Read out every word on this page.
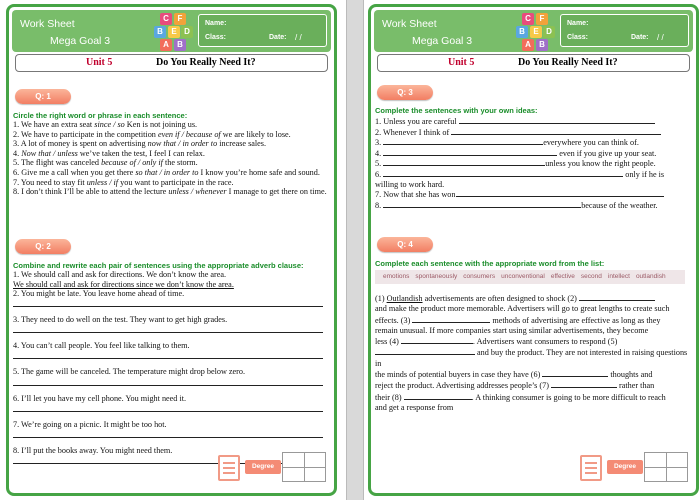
Work Sheet
Mega Goal 3
C	F
B	E D
A	B
Name:
Class:	Date: / /
Unit 5	Do You Really Need It?
Q: 1
Circle the right word or phrase in each sentence:
1. We have an extra seat since / so Ken is not joining us.
2. We have to participate in the competition even if / because of we are likely to lose.
3. A lot of money is spent on advertising now that / in order to increase sales.
4. Now that / unless we’ve taken the test, I feel I can relax.
5. The flight was canceled because of / only if the storm.
6. Give me a call when you get there so that / in order to I know you’re home safe and sound.
7. You need to stay fit unless / if you want to participate in the race.
8. I don’t think I’ll be able to attend the lecture unless / whenever I manage to get there on time.
Q: 2
Combine and rewrite each pair of sentences using the appropriate adverb clause:
1. We should call and ask for directions. We don’t know the area.
We should call and ask for directions since we don’t know the area.
2. You might be late. You leave home ahead of time.
3. They need to do well on the test. They want to get high grades.
4. You can’t call people. You feel like talking to them.
5. The game will be canceled. The temperature might drop below zero.
6. I’ll let you have my cell phone. You might need it.
7. We’re going on a picnic. It might be too hot.
8. I’ll put the books away. You might need them.
Degree
Work Sheet
Mega Goal 3
C	F
B	E D
A	B
Name:
Class:	Date: / /
Unit 5	Do You Really Need It?
Q: 3
Complete the sentences with your own ideas:
1. Unless you are careful
2. Whenever I think of
3.	everywhere you can think of.
4.	even if you give up your seat.
5.	unless you know the right people.
6.	only if he is
willing to work hard.
7. Now that she has won
8.	because of the weather.
Q: 4
Complete each sentence with the appropriate word from the list:
emotions spontaneously consumers unconventional effective second intellect outlandish
(1) Outlandish advertisements are often designed to shock (2)
and make the product more memorable. Advertisers will go to great lengths to create such
effects. (3)	methods of advertising are effective as long as they
remain unusual. If more companies start using similar advertisements, they become
less (4)	. Advertisers want consumers to respond (5)
and buy the product. They are not interested in raising questions in
the minds of potential buyers in case they have (6)	thoughts and
reject the product. Advertising addresses people’s (7)	rather than
their (8)	. A thinking consumer is going to be more difficult to reach
and get a response from
Degree
